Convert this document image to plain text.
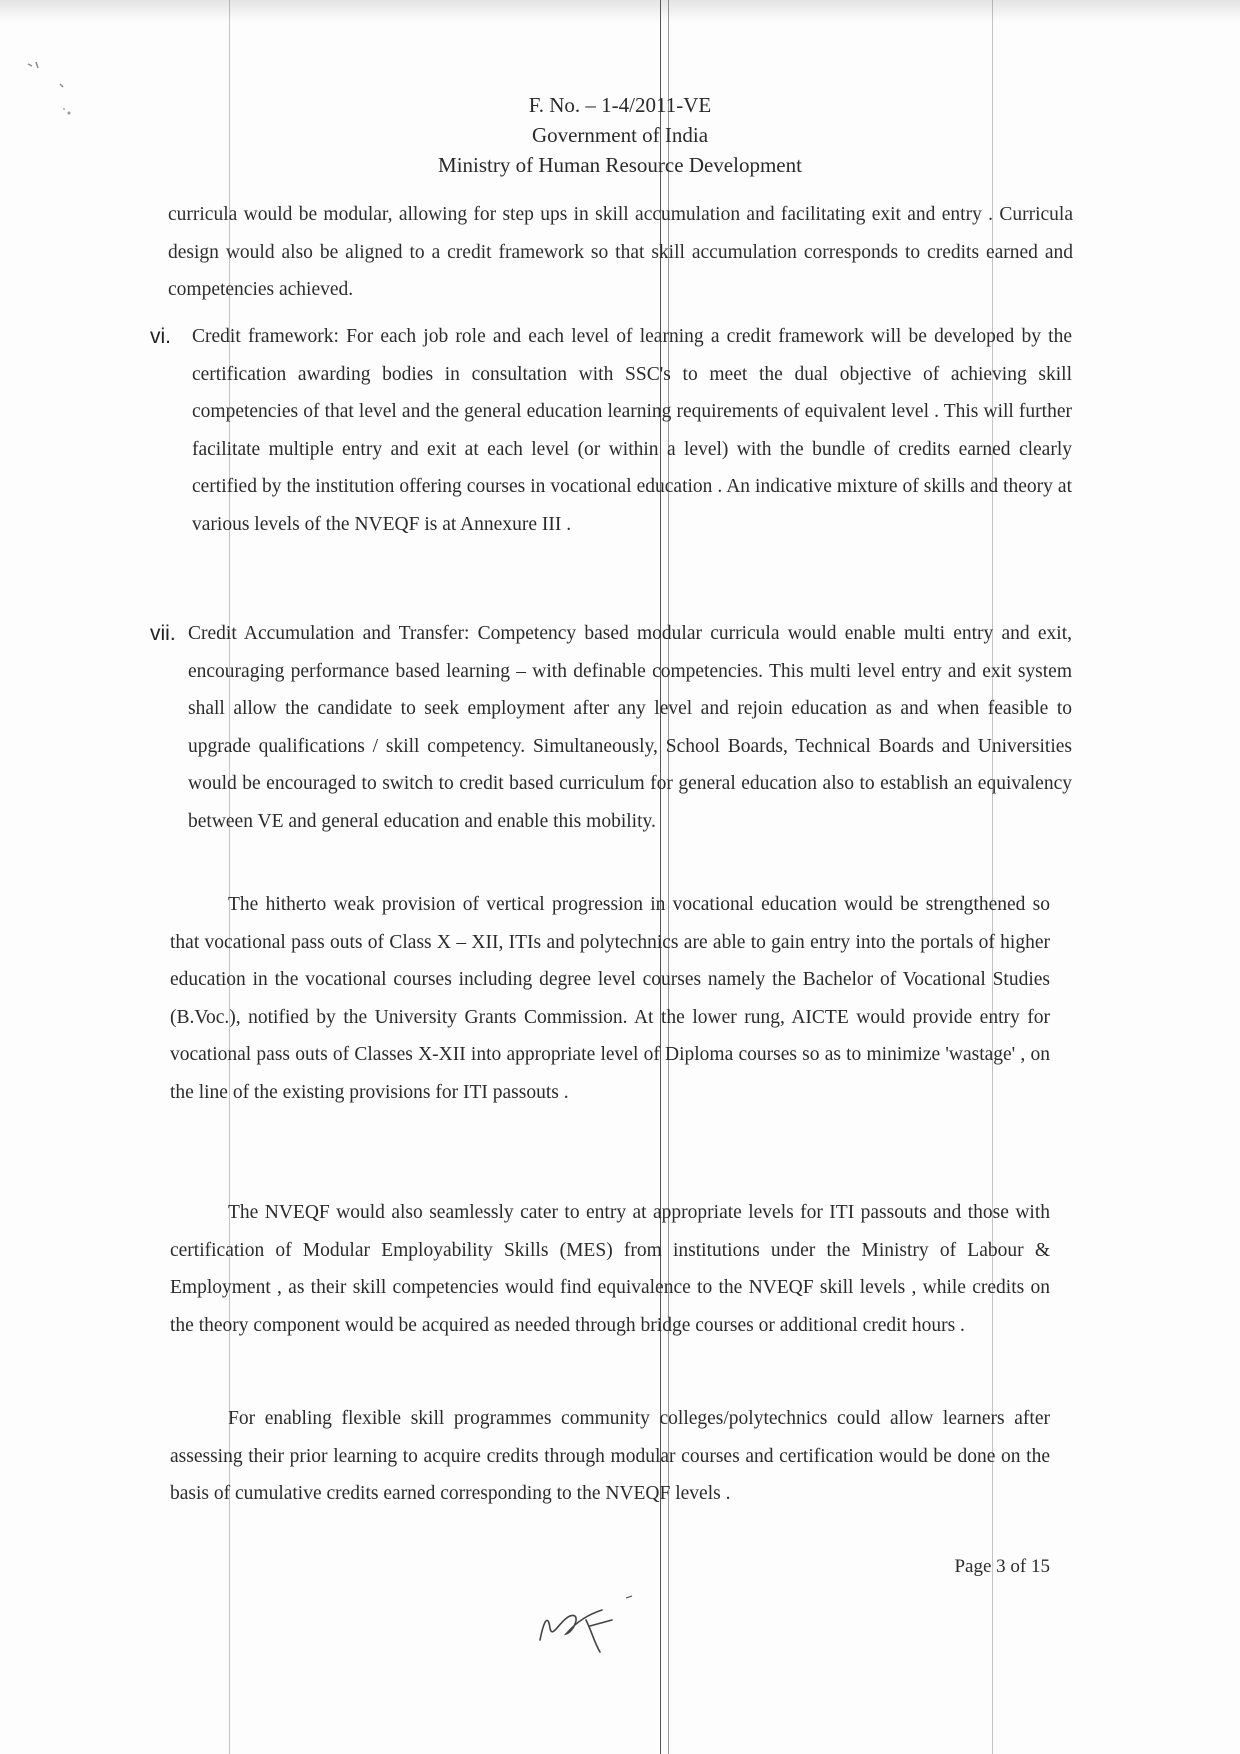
F. No. – 1-4/2011-VE
Government of India
Ministry of Human Resource Development
curricula would be modular, allowing for step ups in skill accumulation and facilitating exit and entry . Curricula design would also be aligned to a credit framework so that skill accumulation corresponds to credits earned and competencies achieved.
vi. Credit framework: For each job role and each level of learning a credit framework will be developed by the certification awarding bodies in consultation with SSC's to meet the dual objective of achieving skill competencies of that level and the general education learning requirements of equivalent level . This will further facilitate multiple entry and exit at each level (or within a level) with the bundle of credits earned clearly certified by the institution offering courses in vocational education . An indicative mixture of skills and theory at various levels of the NVEQF is at Annexure III .
vii. Credit Accumulation and Transfer: Competency based modular curricula would enable multi entry and exit, encouraging performance based learning – with definable competencies. This multi level entry and exit system shall allow the candidate to seek employment after any level and rejoin education as and when feasible to upgrade qualifications / skill competency. Simultaneously, School Boards, Technical Boards and Universities would be encouraged to switch to credit based curriculum for general education also to establish an equivalency between VE and general education and enable this mobility.
The hitherto weak provision of vertical progression in vocational education would be strengthened so that vocational pass outs of Class X – XII, ITIs and polytechnics are able to gain entry into the portals of higher education in the vocational courses including degree level courses namely the Bachelor of Vocational Studies (B.Voc.), notified by the University Grants Commission. At the lower rung, AICTE would provide entry for vocational pass outs of Classes X-XII into appropriate level of Diploma courses so as to minimize 'wastage' , on the line of the existing provisions for ITI passouts .
The NVEQF would also seamlessly cater to entry at appropriate levels for ITI passouts and those with certification of Modular Employability Skills (MES) from institutions under the Ministry of Labour & Employment , as their skill competencies would find equivalence to the NVEQF skill levels , while credits on the theory component would be acquired as needed through bridge courses or additional credit hours .
For enabling flexible skill programmes community colleges/polytechnics could allow learners after assessing their prior learning to acquire credits through modular courses and certification would be done on the basis of cumulative credits earned corresponding to the NVEQF levels .
Page 3 of 15
